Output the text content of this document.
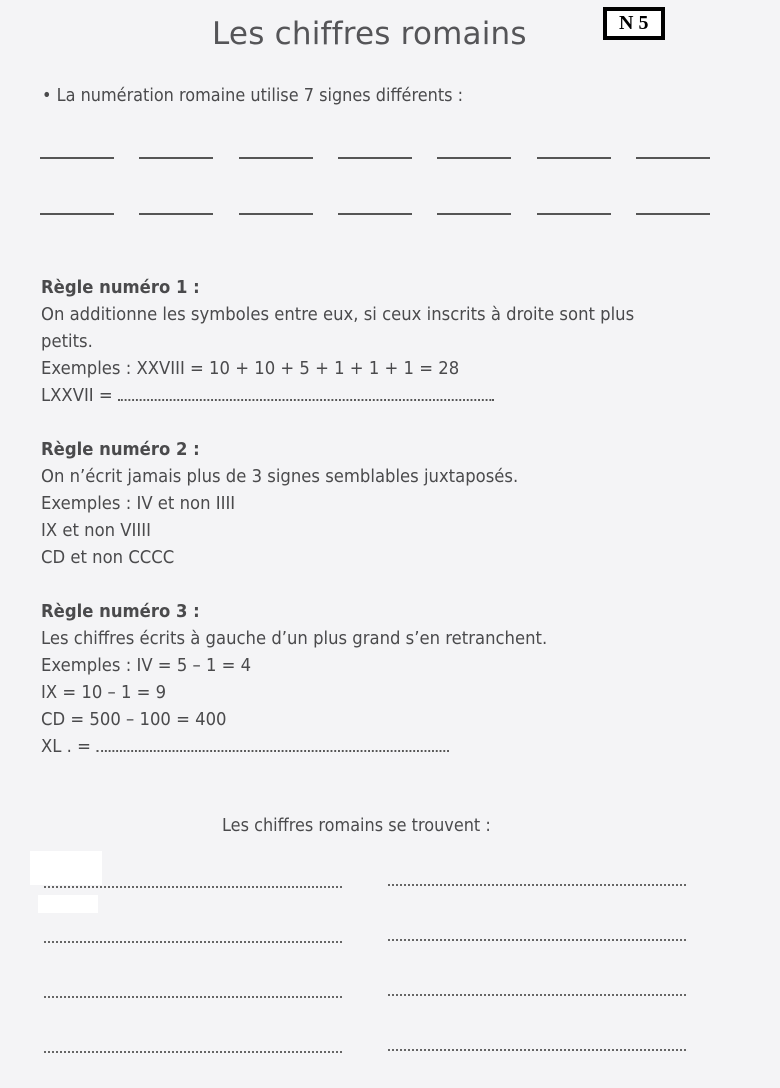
Les chiffres romains	N 5
• La numération romaine utilise 7 signes différents :
Règle numéro 1 :
On additionne les symboles entre eux, si ceux inscrits à droite sont plus
petits.
Exemples : XXVIII = 10 + 10 + 5 + 1 + 1 + 1 = 28
LXXVII =
Règle numéro 2 :
On n’écrit jamais plus de 3 signes semblables juxtaposés.
Exemples : IV et non IIII
IX et non VIIII
CD et non CCCC
Règle numéro 3 :
Les chiffres écrits à gauche d’un plus grand s’en retranchent.
Exemples : IV = 5 – 1 = 4
IX = 10 – 1 = 9
CD = 500 – 100 = 400
XL . =
Les chiffres romains se trouvent :
